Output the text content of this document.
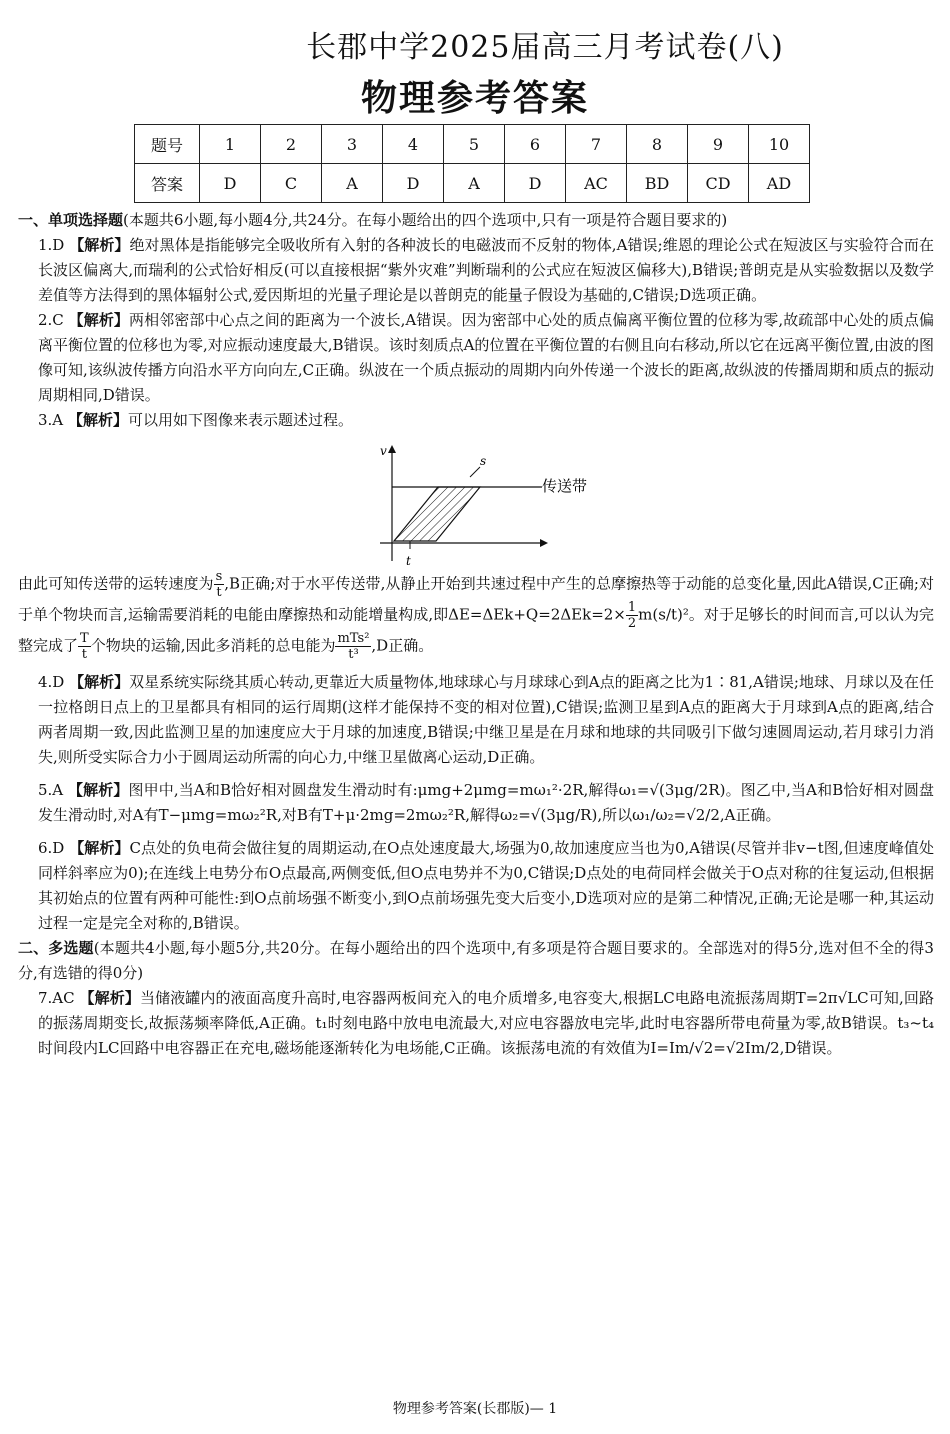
长郡中学2025届高三月考试卷(八)
物理参考答案
题号	1	2	3	4	5	6	7	8	9	10
答案	D	C	A	D	A	D	AC	BD	CD	AD

一、单项选择题(本题共6小题,每小题4分,共24分。在每小题给出的四个选项中,只有一项是符合题目要求的)

1.D 【解析】绝对黑体是指能够完全吸收所有入射的各种波长的电磁波而不反射的物体,A错误;维恩的理论公式在短波区与实验符合而在长波区偏离大,而瑞利的公式恰好相反(可以直接根据“紫外灾难”判断瑞利的公式应在短波区偏移大),B错误;普朗克是从实验数据以及数学差值等方法得到的黑体辐射公式,爱因斯坦的光量子理论是以普朗克的能量子假设为基础的,C错误;D选项正确。

2.C 【解析】两相邻密部中心点之间的距离为一个波长,A错误。因为密部中心处的质点偏离平衡位置的位移为零,故疏部中心处的质点偏离平衡位置的位移也为零,对应振动速度最大,B错误。该时刻质点A的位置在平衡位置的右侧且向右移动,所以它在远离平衡位置,由波的图像可知,该纵波传播方向沿水平方向向左,C正确。纵波在一个质点振动的周期内向外传递一个波长的距离,故纵波的传播周期和质点的振动周期相同,D错误。

3.A 【解析】可以用如下图像来表示题述过程。

v
t
s
传送带

由此可知传送带的运转速度为 $\frac{s}{t} ,B$正确;对于水平传送带,从静止开始到共速过程中产生的总摩擦热等于动能的总变化量,因此A错误,C正确;对于单个物块而言,运输需要消耗的电能由摩擦热和动能增量构成,即$\Delta E=\Delta Ek+Q=2\Delta Ek=2\times \frac{1}{2} m(s/t)^2$。对于足够长的时间而言,可以认为完整完成了 $\frac{T}{t}$ 个物块的运输,因此多消耗的总电能为 $\frac{\text{mTs²}}{\text{t³}} ,D$正确。

4.D 【解析】双星系统实际绕其质心转动,更靠近大质量物体,地球球心与月球球心到A点的距离之比为1∶81,A错误;地球、月球以及在任一拉格朗日点上的卫星都具有相同的运行周期(这样才能保持不变的相对位置),C错误;监测卫星到A点的距离大于月球到A点的距离,结合两者周期一致,因此监测卫星的加速度应大于月球的加速度,B错误;中继卫星是在月球和地球的共同吸引下做匀速圆周运动,若月球引力消失,则所受实际合力小于圆周运动所需的向心力,中继卫星做离心运动,D正确。

5.A 【解析】图甲中,当A和B恰好相对圆盘发生滑动时有:μmg+2μmg=mω₁²·2R,解得ω₁=√(3μg/2R)。图乙中,当A和B恰好相对圆盘发生滑动时,对A有T−μmg=mω₂²R,对B有T+μ·2mg=2mω₂²R,解得ω₂=√(3μg/R),所以ω₁/ω₂=√2/2,A正确。

6.D 【解析】C点处的负电荷会做往复的周期运动,在O点处速度最大,场强为0,故加速度应当也为0,A错误(尽管并非v−t图,但速度峰值处同样斜率应为0);在连线上电势分布O点最高,两侧变低,但O点电势并不为0,C错误;D点处的电荷同样会做关于O点对称的往复运动,但根据其初始点的位置有两种可能性:到O点前场强不断变小,到O点前场强先变大后变小,D选项对应的是第二种情况,正确;无论是哪一种,其运动过程一定是完全对称的,B错误。

二、多选题(本题共4小题,每小题5分,共20分。在每小题给出的四个选项中,有多项是符合题目要求的。全部选对的得5分,选对但不全的得3分,有选错的得0分)

7.AC 【解析】当储液罐内的液面高度升高时,电容器两板间充入的电介质增多,电容变大,根据LC电路电流振荡周期T=2π√LC可知,回路的振荡周期变长,故振荡频率降低,A正确。t₁时刻电路中放电电流最大,对应电容器放电完毕,此时电容器所带电荷量为零,故B错误。t₃~t₄时间段内LC回路中电容器正在充电,磁场能逐渐转化为电场能,C正确。该振荡电流的有效值为I=Im/√2=√2Im/2,D错误。

物理参考答案(长郡版)— 1
